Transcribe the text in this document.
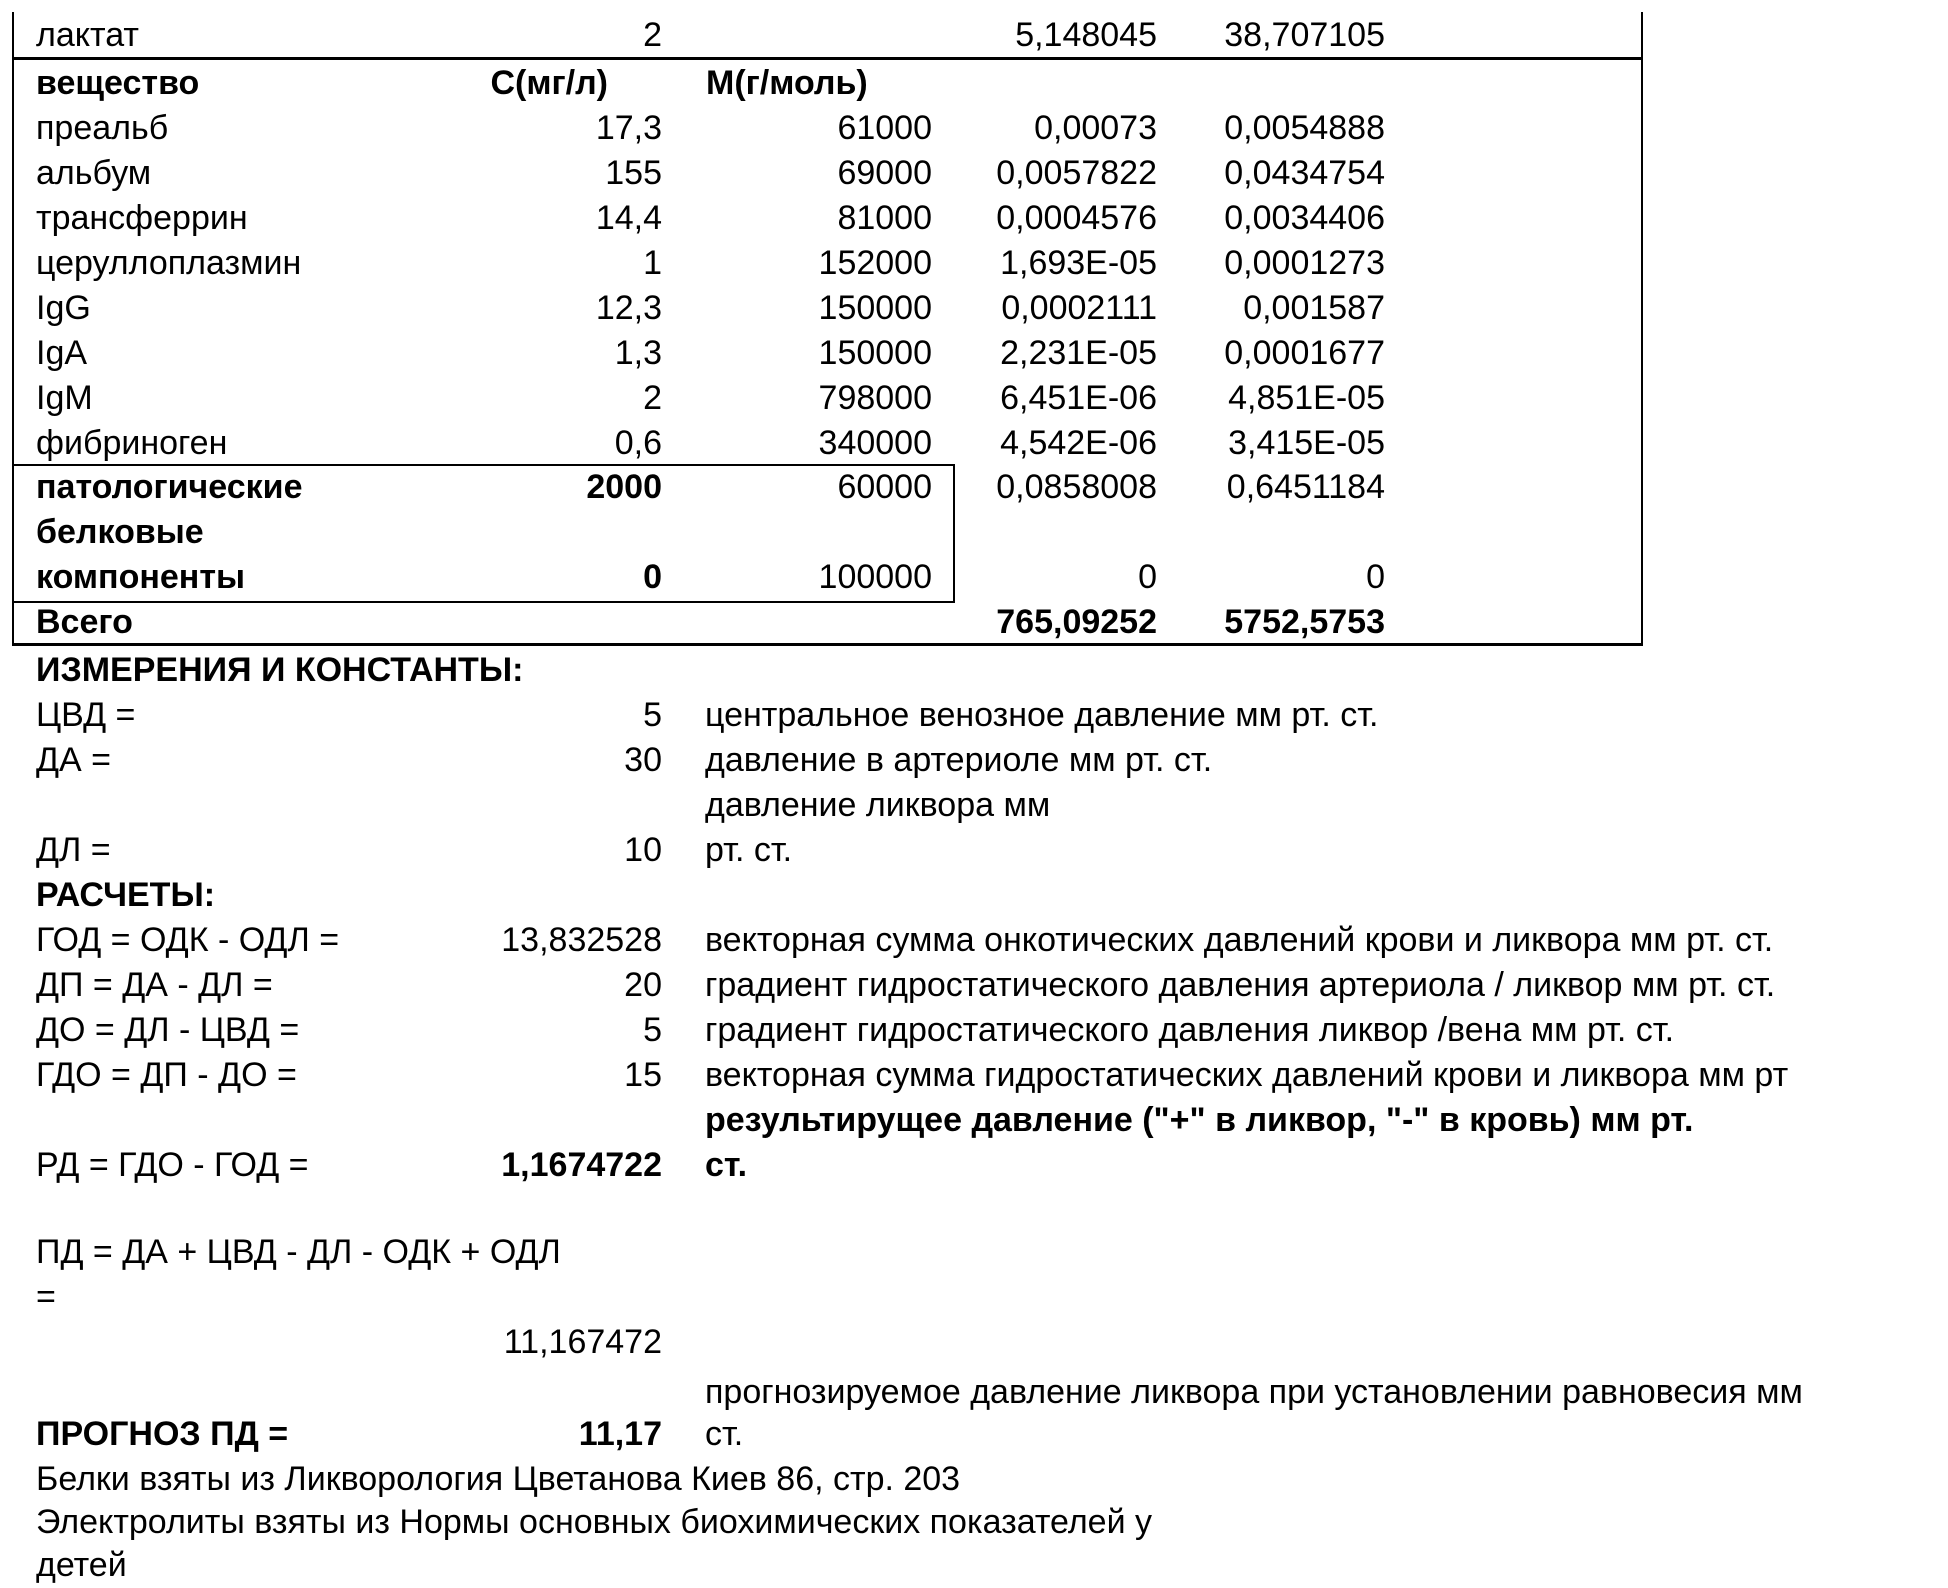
лактат	2	5,148045 38,707105
вещество	С(мг/л)	М(г/моль)
преальб	17,3	61000	0,00073 0,0054888
альбум	155	69000 0,0057822 0,0434754
трансферрин	14,4	81000 0,0004576 0,0034406
церуллоплазмин	1	152000 1,693E-05 0,0001273
IgG	12,3	150000 0,0002111	0,001587
IgA	1,3	150000 2,231E-05 0,0001677
IgM	2	798000 6,451E-06 4,851E-05
фибриноген	0,6	340000 4,542E-06 3,415E-05
патологические	2000	60000 0,0858008 0,6451184
белковые
компоненты	0	100000	0	0
Всего	765,09252 5752,5753
ИЗМЕРЕНИЯ И КОНСТАНТЫ:
ЦВД =	5 центральное венозное давление мм рт. ст.
ДА =	30 давление в артериоле мм рт. ст.
давление ликвора мм
ДЛ =	10 рт. ст.
РАСЧЕТЫ:
ГОД = ОДК - ОДЛ =	13,832528 векторная сумма онкотических давлений крови и ликвора мм рт. ст.
ДП = ДА - ДЛ =	20 градиент гидростатического давления артериола / ликвор мм рт. ст.
ДО = ДЛ - ЦВД =	5 градиент гидростатического давления ликвор /вена мм рт. ст.
ГДО = ДП - ДО =	15 векторная сумма гидростатических давлений крови и ликвора мм рт
результирущее давление ("+" в ликвор, "-" в кровь) мм рт.
РД = ГДО - ГОД =	1,1674722 ст.
ПД = ДА + ЦВД - ДЛ - ОДК + ОДЛ
=
11,167472
прогнозируемое давление ликвора при установлении равновесия мм
ПРОГНОЗ ПД =	11,17 ст.
Белки взяты из Ликворология Цветанова Киев 86, стр. 203
Электролиты взяты из Нормы основных биохимических показателей у
детей
